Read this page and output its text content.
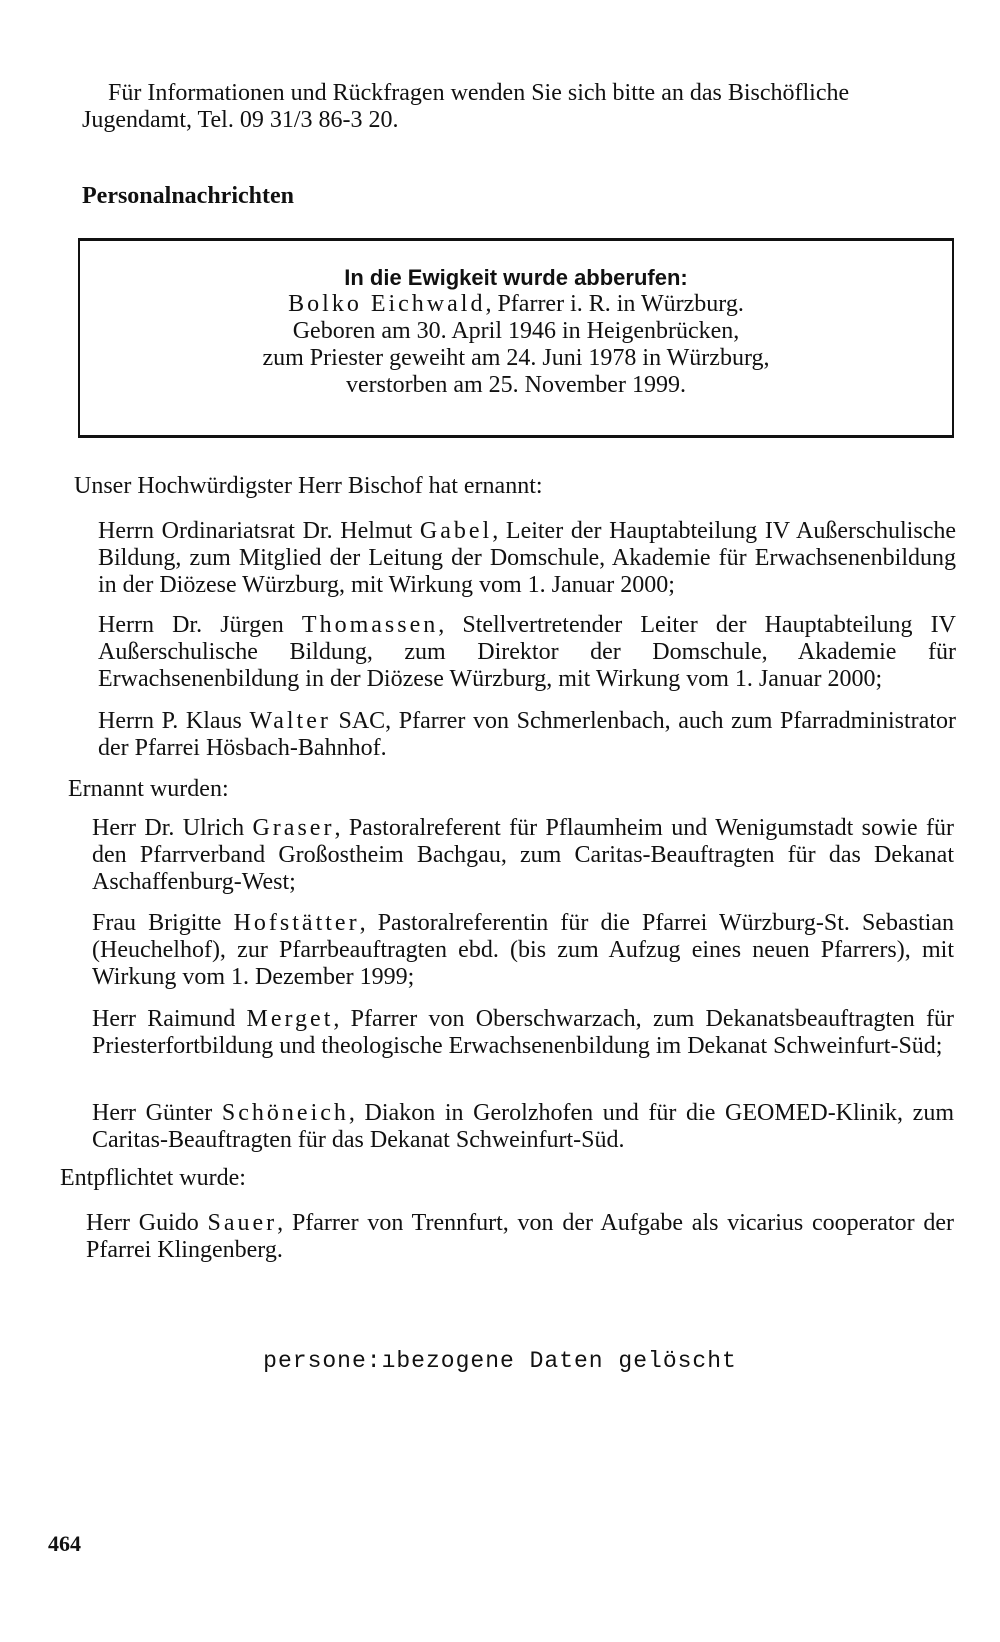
Für Informationen und Rückfragen wenden Sie sich bitte an das Bischöfliche

Jugendamt, Tel. 09 31/3 86-3 20.

Personalnachrichten

In die Ewigkeit wurde abberufen:

Bolko Eichwald, Pfarrer i. R. in Würzburg.

Geboren am 30. April 1946 in Heigenbrücken,

zum Priester geweiht am 24. Juni 1978 in Würzburg,

verstorben am 25. November 1999.

Unser Hochwürdigster Herr Bischof hat ernannt:
Herrn Ordinariatsrat Dr. Helmut Gabel, Leiter der Hauptabteilung IV Außerschulische Bildung, zum Mitglied der Leitung der Domschule, Akademie für Erwachsenenbildung in der Diözese Würzburg, mit Wirkung vom 1. Januar 2000;
Herrn Dr. Jürgen Thomassen, Stellvertretender Leiter der Hauptabteilung IV Außerschulische Bildung, zum Direktor der Domschule, Akademie für Erwachsenenbildung in der Diözese Würzburg, mit Wirkung vom 1. Januar 2000;
Herrn P. Klaus Walter SAC, Pfarrer von Schmerlenbach, auch zum Pfarradministrator der Pfarrei Hösbach-Bahnhof.
Ernannt wurden:
Herr Dr. Ulrich Graser, Pastoralreferent für Pflaumheim und Wenigumstadt sowie für den Pfarrverband Großostheim Bachgau, zum Caritas-Beauftragten für das Dekanat Aschaffenburg-West;
Frau Brigitte Hofstätter, Pastoralreferentin für die Pfarrei Würzburg-St. Sebastian (Heuchelhof), zur Pfarrbeauftragten ebd. (bis zum Aufzug eines neuen Pfarrers), mit Wirkung vom 1. Dezember 1999;
Herr Raimund Merget, Pfarrer von Oberschwarzach, zum Dekanatsbeauftragten für Priesterfortbildung und theologische Erwachsenenbildung im Dekanat Schweinfurt-Süd;
Herr Günter Schöneich, Diakon in Gerolzhofen und für die GEOMED-Klinik, zum Caritas-Beauftragten für das Dekanat Schweinfurt-Süd.
Entpflichtet wurde:
Herr Guido Sauer, Pfarrer von Trennfurt, von der Aufgabe als vicarius cooperator der Pfarrei Klingenberg.
persone:ıbezogene Daten gelöscht
464
